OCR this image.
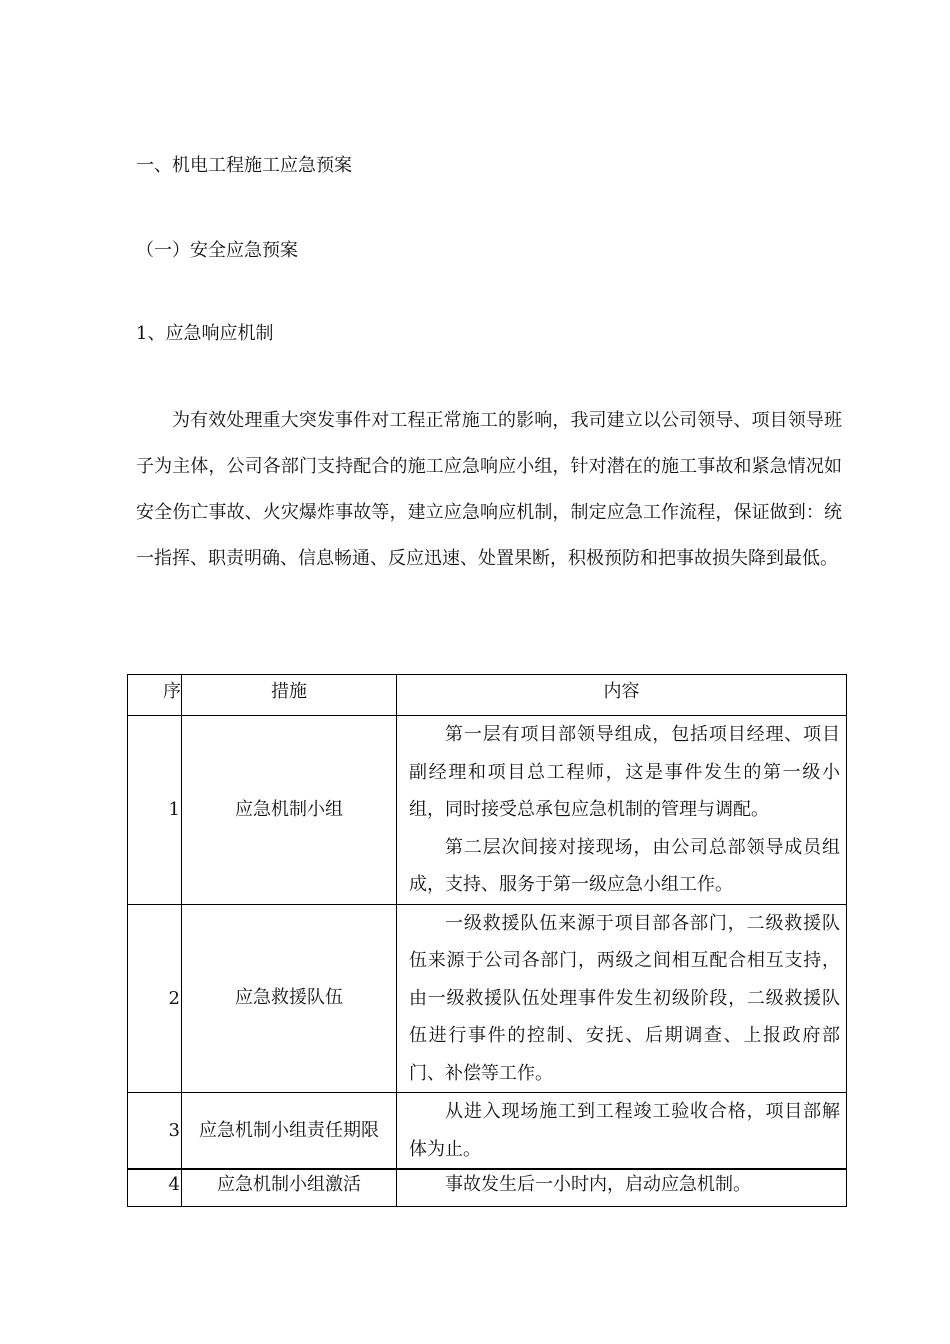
一、机电工程施工应急预案
（一）安全应急预案
1、应急响应机制

为有效处理重大突发事件对工程正常施工的影响，我司建立以公司领导、项目领导班子为主体，公司各部门支持配合的施工应急响应小组，针对潜在的施工事故和紧急情况如安全伤亡事故、火灾爆炸事故等，建立应急响应机制，制定应急工作流程，保证做到：统一指挥、职责明确、信息畅通、反应迅速、处置果断，积极预防和把事故损失降到最低。

序	措施	内容
1	应急机制小组	第一层有项目部领导组成，包括项目经理、项目副经理和项目总工程师，这是事件发生的第一级小组，同时接受总承包应急机制的管理与调配。

第二层次间接对接现场，由公司总部领导成员组成，支持、服务于第一级应急小组工作。

2	应急救援队伍	一级救援队伍来源于项目部各部门，二级救援队伍来源于公司各部门，两级之间相互配合相互支持，由一级救援队伍处理事件发生初级阶段，二级救援队伍进行事件的控制、安抚、后期调查、上报政府部门、补偿等工作。

3	应急机制小组责任期限	从进入现场施工到工程竣工验收合格，项目部解体为止。

4	应急机制小组激活	事故发生后一小时内，启动应急机制。
